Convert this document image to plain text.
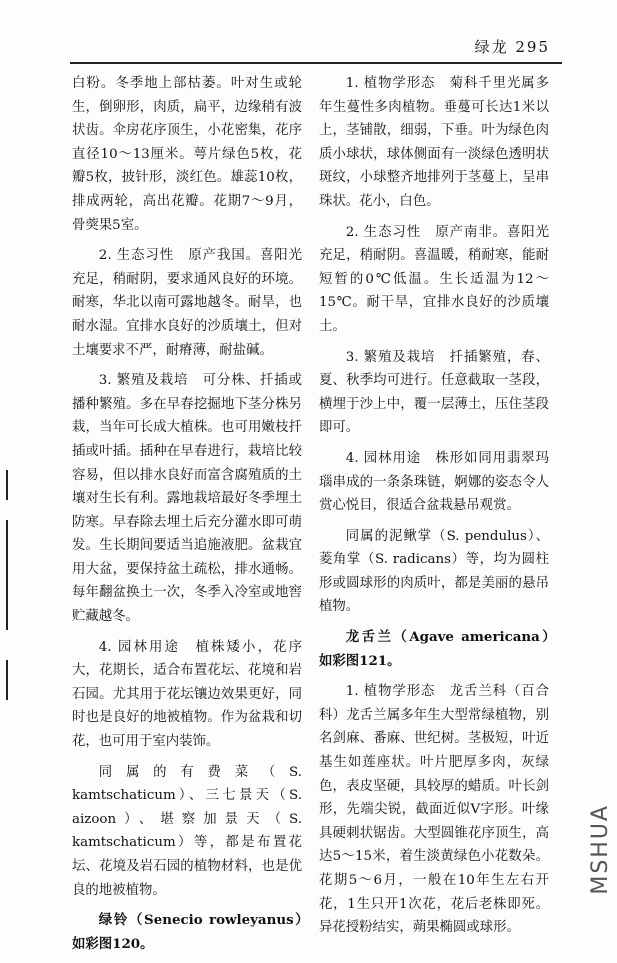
绿龙 295

白粉。冬季地上部枯萎。叶对生或轮生，倒卵形，肉质，扁平，边缘稍有波状齿。伞房花序顶生，小花密集，花序直径10～13厘米。萼片绿色5枚，花瓣5枚，披针形，淡红色。雄蕊10枚，排成两轮，高出花瓣。花期7～9月，骨葖果5室。

2. 生态习性　原产我国。喜阳光充足，稍耐阴，要求通风良好的环境。耐寒，华北以南可露地越冬。耐旱，也耐水湿。宜排水良好的沙质壤土，但对土壤要求不严，耐瘠薄，耐盐碱。

3. 繁殖及栽培　可分株、扦插或播种繁殖。多在早春挖掘地下茎分株另栽，当年可长成大植株。也可用嫩枝扦插或叶插。插种在早春进行，栽培比较容易，但以排水良好而富含腐殖质的土壤对生长有利。露地栽培最好冬季埋土防寒。早春除去埋土后充分灌水即可萌发。生长期间要适当追施液肥。盆栽宜用大盆，要保持盆土疏松，排水通畅。每年翻盆换土一次，冬季入冷室或地窖贮藏越冬。

4. 园林用途　植株矮小，花序大，花期长，适合布置花坛、花境和岩石园。尤其用于花坛镶边效果更好，同时也是良好的地被植物。作为盆栽和切花，也可用于室内装饰。

同属的有费菜（S. kamtschaticum）、三七景天（S. aizoon）、堪察加景天（S. kamtschaticum）等，都是布置花坛、花境及岩石园的植物材料，也是优良的地被植物。

绿铃（Senecio rowleyanus）　如彩图120。

1. 植物学形态　菊科千里光属多年生蔓性多肉植物。垂蔓可长达1米以上，茎铺散，细弱，下垂。叶为绿色肉质小球状，球体侧面有一淡绿色透明状斑纹，小球整齐地排列于茎蔓上，呈串珠状。花小，白色。

2. 生态习性　原产南非。喜阳光充足，稍耐阴。喜温暖，稍耐寒，能耐短暂的0℃低温。生长适温为12～15℃。耐干旱，宜排水良好的沙质壤土。

3. 繁殖及栽培　扦插繁殖，春、夏、秋季均可进行。任意截取一茎段，横埋于沙上中，覆一层薄土，压住茎段即可。

4. 园林用途　株形如同用翡翠玛瑙串成的一条条珠链，婀娜的姿态令人赏心悦目，很适合盆栽悬吊观赏。

同属的泥鳅掌（S. pendulus）、菱角掌（S. radicans）等，均为圆柱形或圆球形的肉质叶，都是美丽的悬吊植物。

龙舌兰（Agave americana）　如彩图121。

1. 植物学形态　龙舌兰科（百合科）龙舌兰属多年生大型常绿植物，别名剑麻、番麻、世纪树。茎极短，叶近基生如莲座状。叶片肥厚多肉，灰绿色，表皮坚硬，具较厚的蜡质。叶长剑形，先端尖锐，截面近似V字形。叶缘具硬刺状锯齿。大型圆锥花序顶生，高达5～15米，着生淡黄绿色小花数朵。花期5～6月，一般在10年生左右开花，1生只开1次花，花后老株即死。异花授粉结实，蒴果椭圆或球形。

MSHUA
